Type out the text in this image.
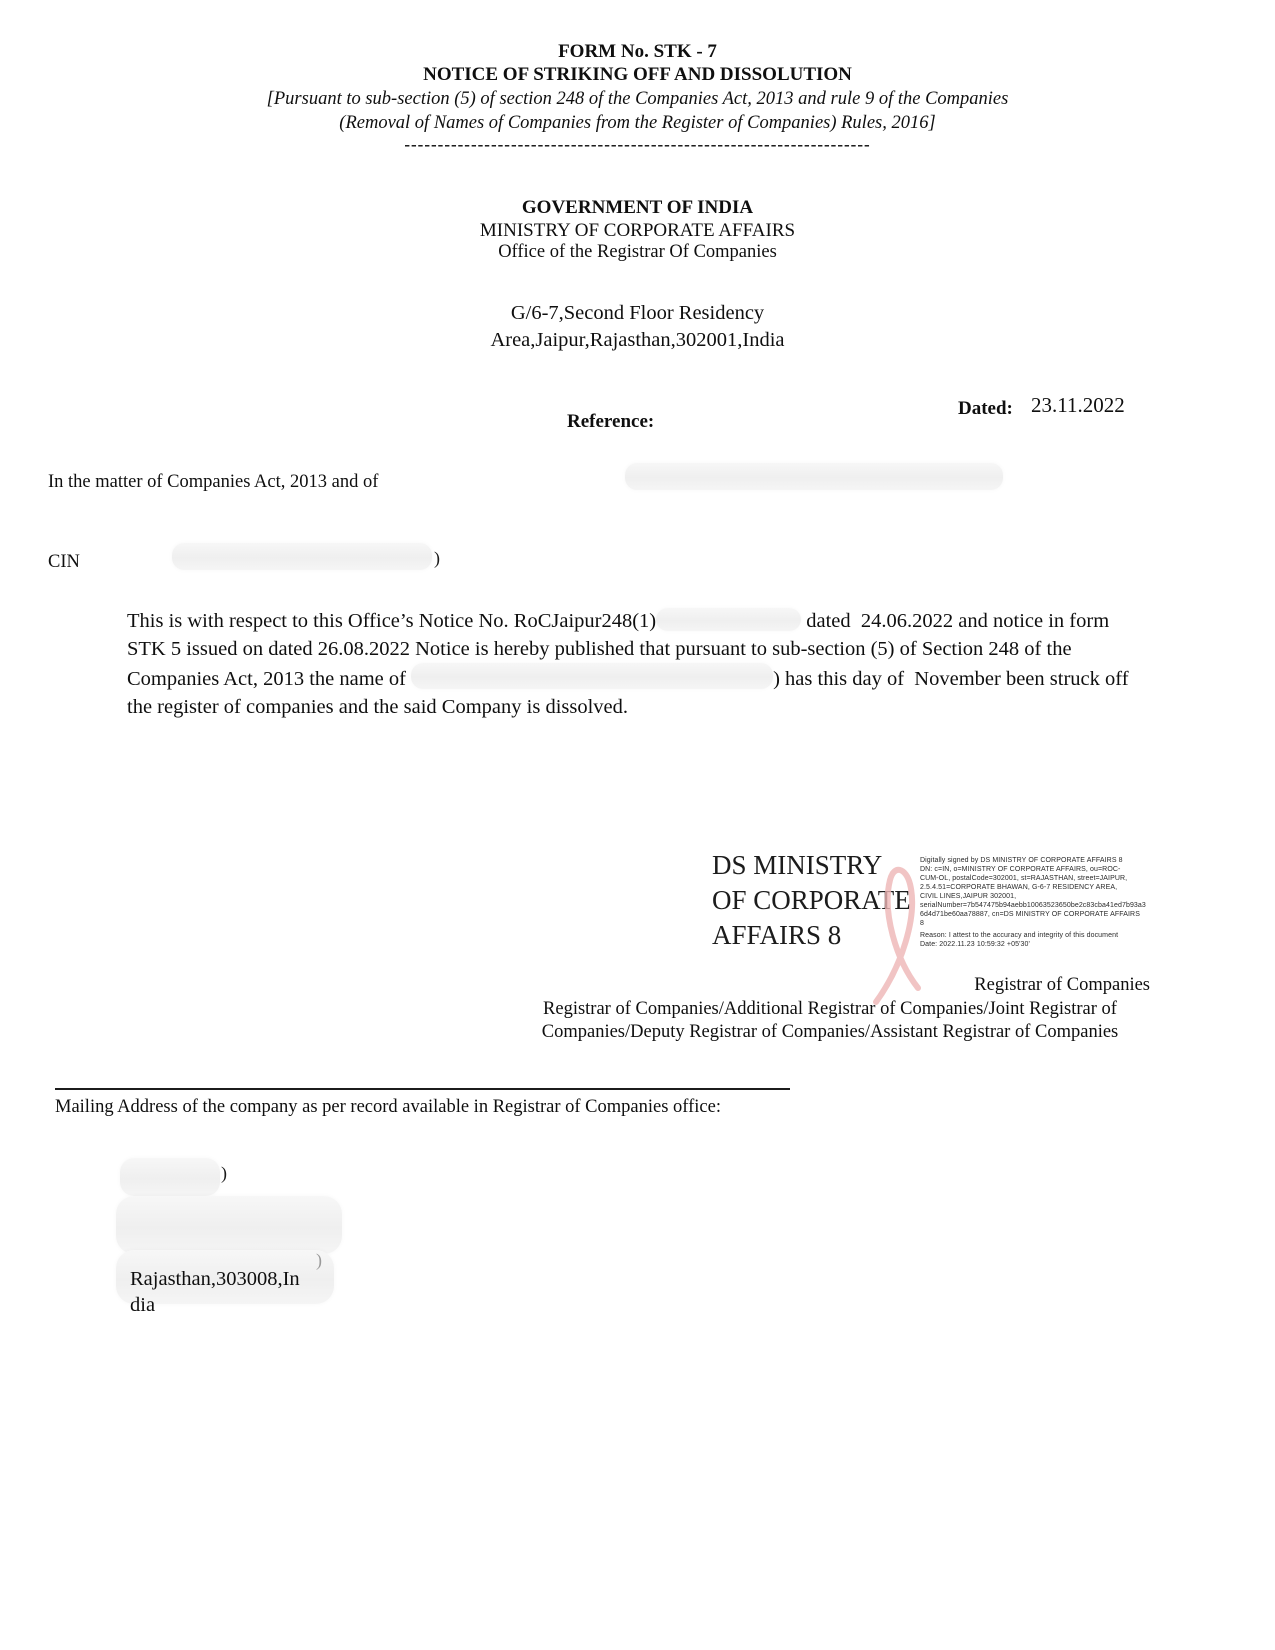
FORM No. STK - 7
NOTICE OF STRIKING OFF AND DISSOLUTION
[Pursuant to sub-section (5) of section 248 of the Companies Act, 2013 and rule 9 of the Companies
(Removal of Names of Companies from the Register of Companies) Rules, 2016]
----------------------------------------------------------------------
GOVERNMENT OF INDIA
MINISTRY OF CORPORATE AFFAIRS
Office of the Registrar Of Companies
G/6-7,Second Floor Residency
Area,Jaipur,Rajasthan,302001,India
Dated: 23.11.2022
Reference:
In the matter of Companies Act, 2013 and of
CIN	)

This is with respect to this Office’s Notice No. RoCJaipur248(1)	dated  24.06.2022 and notice in form STK 5 issued on dated 26.08.2022 Notice is hereby published that pursuant to sub-section (5) of Section 248 of the Companies Act, 2013 the name of	) has this day of  November been struck off the register of companies and the said Company is dissolved.

DS MINISTRY
OF CORPORATE
AFFAIRS 8
Digitally signed by DS MINISTRY OF CORPORATE AFFAIRS 8
DN: c=IN, o=MINISTRY OF CORPORATE AFFAIRS, ou=ROC-
CUM-OL, postalCode=302001, st=RAJASTHAN, street=JAIPUR,
2.5.4.51=CORPORATE BHAWAN, G-6-7 RESIDENCY AREA,
CIVIL LINES,JAIPUR 302001,
serialNumber=7b547475b94aebb10063523650be2c83cba41ed7b93a3
6d4d71be60aa78887, cn=DS MINISTRY OF CORPORATE AFFAIRS
8
Reason: I attest to the accuracy and integrity of this document
Date: 2022.11.23 10:59:32 +05'30'
Registrar of Companies
Registrar of Companies/Additional Registrar of Companies/Joint Registrar of
Companies/Deputy Registrar of Companies/Assistant Registrar of Companies
Mailing Address of the company as per record available in Registrar of Companies office:
)
)
Rajasthan,303008,In
dia
